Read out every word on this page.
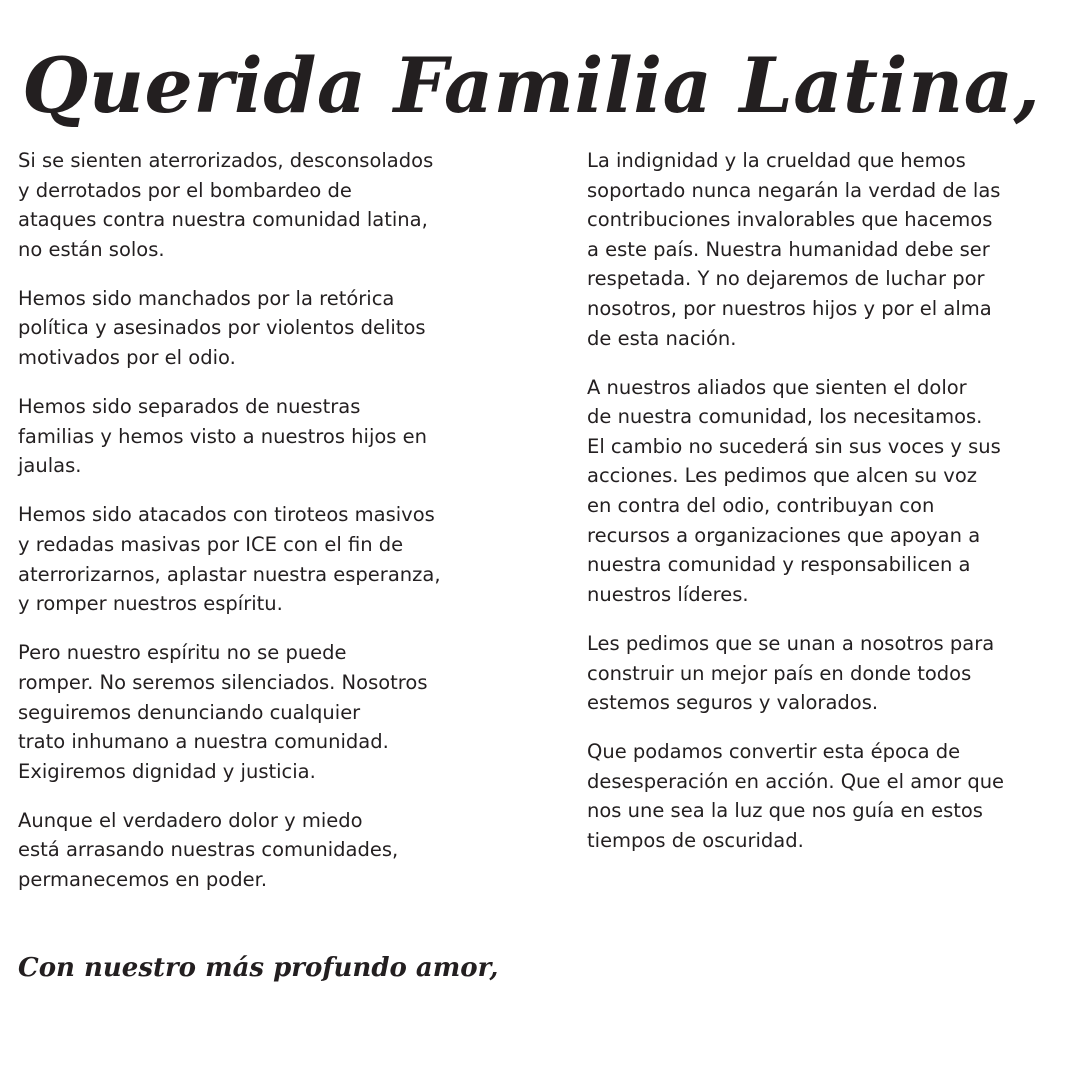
Querida Familia Latina,

Si se sienten aterrorizados, desconsolados
y derrotados por el bombardeo de
ataques contra nuestra comunidad latina,
no están solos.

Hemos sido manchados por la retórica
política y asesinados por violentos delitos
motivados por el odio.

Hemos sido separados de nuestras
familias y hemos visto a nuestros hijos en
jaulas.

Hemos sido atacados con tiroteos masivos
y redadas masivas por ICE con el fin de
aterrorizarnos, aplastar nuestra esperanza,
y romper nuestros espíritu.

Pero nuestro espíritu no se puede
romper. No seremos silenciados. Nosotros
seguiremos denunciando cualquier
trato inhumano a nuestra comunidad.
Exigiremos dignidad y justicia.

Aunque el verdadero dolor y miedo
está arrasando nuestras comunidades,
permanecemos en poder.

La indignidad y la crueldad que hemos
soportado nunca negarán la verdad de las
contribuciones invalorables que hacemos
a este país. Nuestra humanidad debe ser
respetada. Y no dejaremos de luchar por
nosotros, por nuestros hijos y por el alma
de esta nación.

A nuestros aliados que sienten el dolor
de nuestra comunidad, los necesitamos.
El cambio no sucederá sin sus voces y sus
acciones. Les pedimos que alcen su voz
en contra del odio, contribuyan con
recursos a organizaciones que apoyan a
nuestra comunidad y responsabilicen a
nuestros líderes.

Les pedimos que se unan a nosotros para
construir un mejor país en donde todos
estemos seguros y valorados.

Que podamos convertir esta época de
desesperación en acción. Que el amor que
nos une sea la luz que nos guía en estos
tiempos de oscuridad.

Con nuestro más profundo amor,
